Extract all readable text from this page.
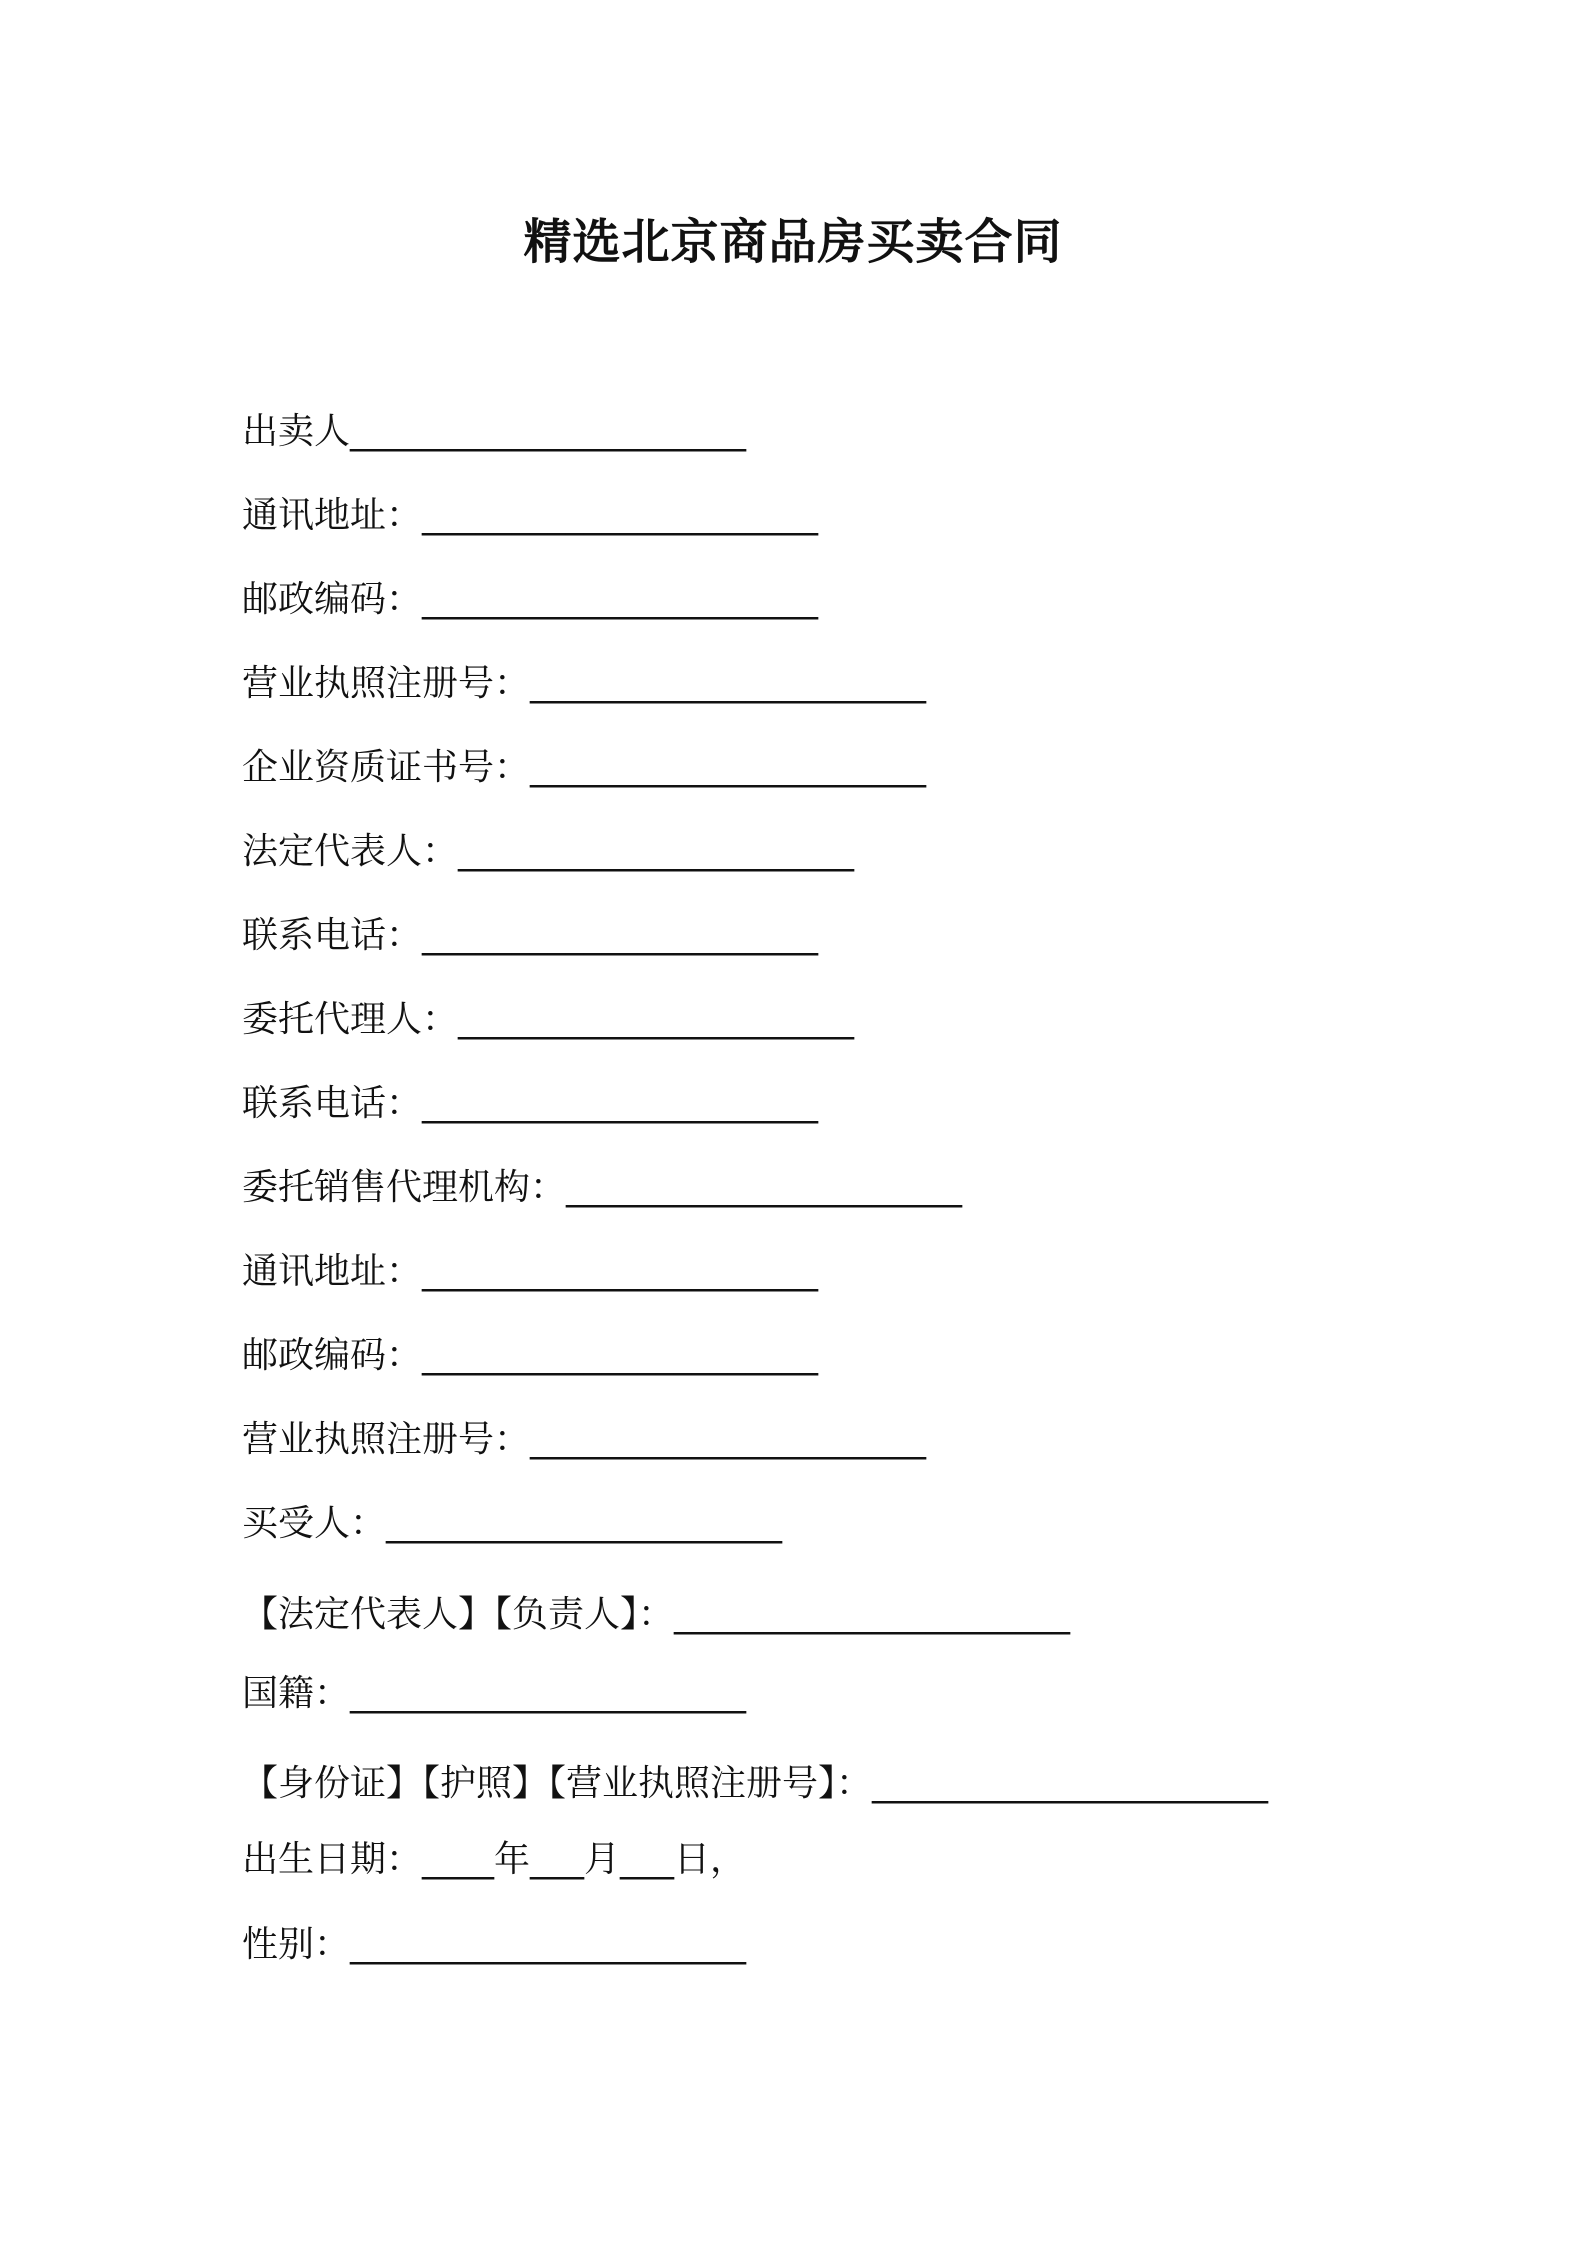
精选北京商品房买卖合同
出卖人______________________
通讯地址：______________________
邮政编码：______________________
营业执照注册号：______________________
企业资质证书号：______________________
法定代表人：______________________
联系电话：______________________
委托代理人：______________________
联系电话：______________________
委托销售代理机构：______________________
通讯地址：______________________
邮政编码：______________________
营业执照注册号：______________________
买受人：______________________
【法定代表人】【负责人】：______________________
国籍：______________________
【身份证】【护照】【营业执照注册号】：______________________
出生日期：____年___月___日，
性别：______________________
